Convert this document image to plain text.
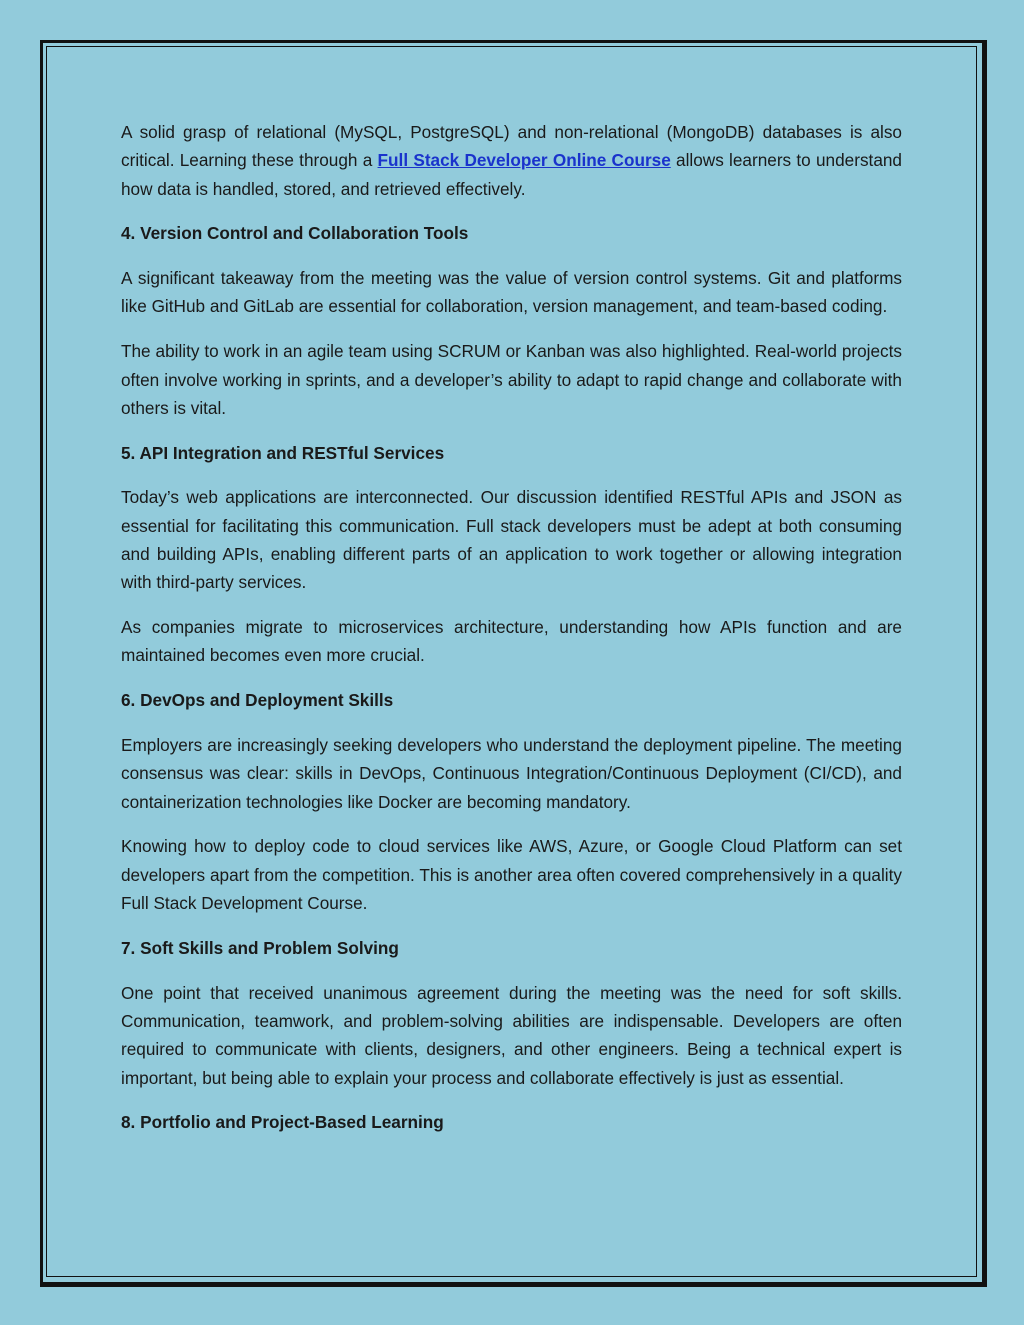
A solid grasp of relational (MySQL, PostgreSQL) and non-relational (MongoDB) databases is also critical. Learning these through a Full Stack Developer Online Course allows learners to understand how data is handled, stored, and retrieved effectively.

4. Version Control and Collaboration Tools

A significant takeaway from the meeting was the value of version control systems. Git and platforms like GitHub and GitLab are essential for collaboration, version management, and team-based coding.

The ability to work in an agile team using SCRUM or Kanban was also highlighted. Real-world projects often involve working in sprints, and a developer’s ability to adapt to rapid change and collaborate with others is vital.

5. API Integration and RESTful Services

Today’s web applications are interconnected. Our discussion identified RESTful APIs and JSON as essential for facilitating this communication. Full stack developers must be adept at both consuming and building APIs, enabling different parts of an application to work together or allowing integration with third-party services.

As companies migrate to microservices architecture, understanding how APIs function and are maintained becomes even more crucial.

6. DevOps and Deployment Skills

Employers are increasingly seeking developers who understand the deployment pipeline. The meeting consensus was clear: skills in DevOps, Continuous Integration/Continuous Deployment (CI/CD), and containerization technologies like Docker are becoming mandatory.

Knowing how to deploy code to cloud services like AWS, Azure, or Google Cloud Platform can set developers apart from the competition. This is another area often covered comprehensively in a quality Full Stack Development Course.

7. Soft Skills and Problem Solving

One point that received unanimous agreement during the meeting was the need for soft skills. Communication, teamwork, and problem-solving abilities are indispensable. Developers are often required to communicate with clients, designers, and other engineers. Being a technical expert is important, but being able to explain your process and collaborate effectively is just as essential.

8. Portfolio and Project-Based Learning
